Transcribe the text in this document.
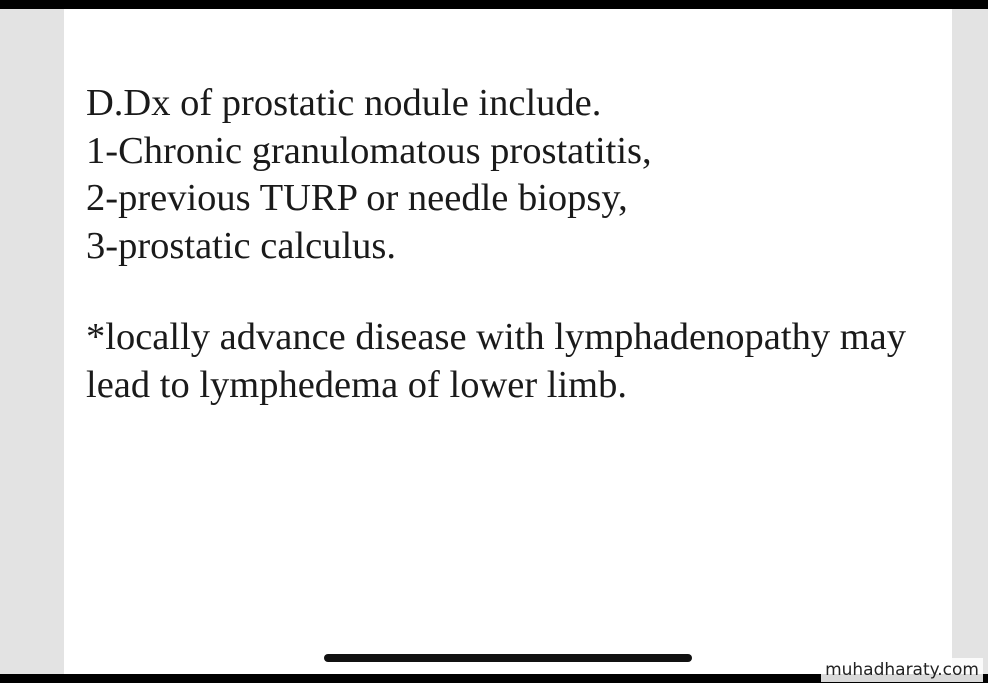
D.Dx of prostatic nodule include.
1-Chronic granulomatous prostatitis,
2-previous TURP or needle biopsy,
3-prostatic calculus.
*locally advance disease with lymphadenopathy may
lead to lymphedema of lower limb.
muhadharaty.com
